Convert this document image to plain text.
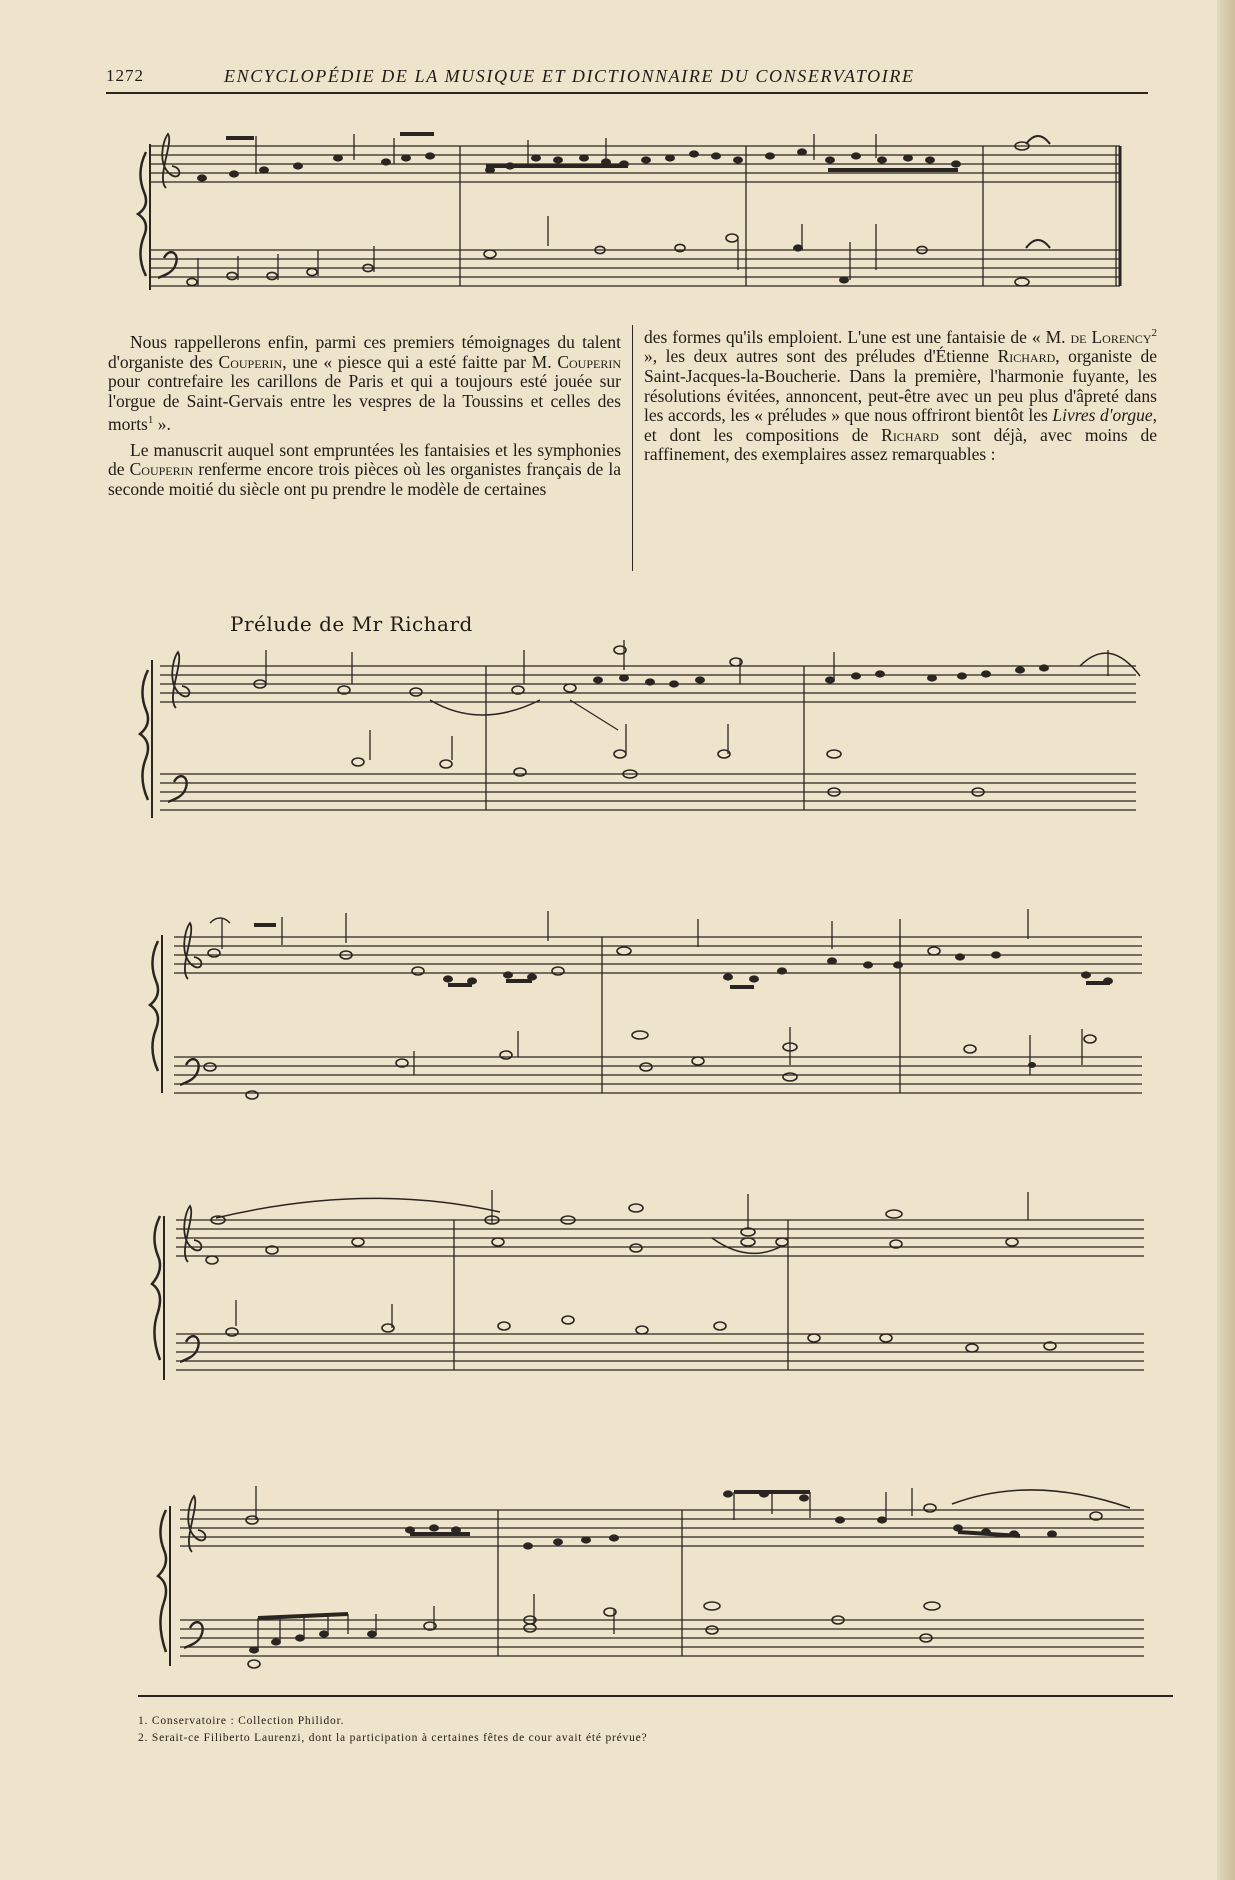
1272	ENCYCLOPÉDIE DE LA MUSIQUE ET DICTIONNAIRE DU CONSERVATOIRE

Nous rappellerons enfin, parmi ces premiers témoignages du talent d'organiste des Couperin, une « piesce qui a esté faitte par M. Couperin pour contrefaire les carillons de Paris et qui a toujours esté jouée sur l'orgue de Saint-Gervais entre les vespres de la Toussins et celles des morts$^1$ ».

Le manuscrit auquel sont empruntées les fantaisies et les symphonies de Couperin renferme encore trois pièces où les organistes français de la seconde moitié du siècle ont pu prendre le modèle de certaines

des formes qu'ils emploient. L'une est une fantaisie de « M. de Lorency$^2$ », les deux autres sont des préludes d'Étienne Richard, organiste de Saint-Jacques-la-Boucherie. Dans la première, l'harmonie fuyante, les résolutions évitées, annoncent, peut-être avec un peu plus d'âpreté dans les accords, les « préludes » que nous offriront bientôt les Livres d'orgue, et dont les compositions de Richard sont déjà, avec moins de raffinement, des exemplaires assez remarquables :

Prélude de Mr Richard
1. Conservatoire : Collection Philidor.
2. Serait-ce Filiberto Laurenzi, dont la participation à certaines fêtes de cour avait été prévue?
